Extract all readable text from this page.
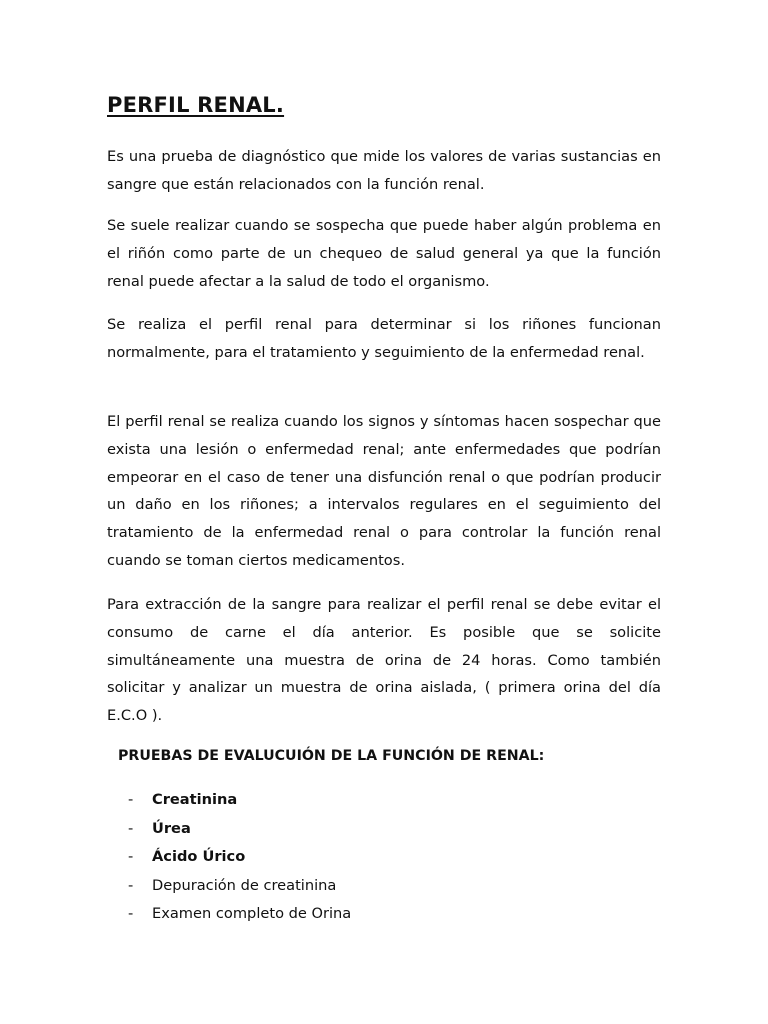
PERFIL RENAL.

Es una prueba de diagnóstico que mide los valores de varias sustancias en sangre que están relacionados con la función renal.

Se suele realizar cuando se sospecha que puede haber algún problema en el riñón como parte de un chequeo de salud general ya que la función renal puede afectar a la salud de todo el organismo.

Se realiza el perfil renal para determinar si los riñones funcionan normalmente, para el tratamiento y seguimiento de la enfermedad renal.

El perfil renal se realiza cuando los signos y síntomas hacen sospechar que exista una lesión o enfermedad renal; ante enfermedades que podrían empeorar en el caso de tener una disfunción renal o que podrían producir un daño en los riñones; a intervalos regulares en el seguimiento del tratamiento de la enfermedad renal o para controlar la función renal cuando se toman ciertos medicamentos.

Para extracción de la sangre para realizar el perfil renal se debe evitar el consumo de carne el día anterior. Es posible que se solicite simultáneamente una muestra de orina de 24 horas. Como también solicitar y analizar un muestra de orina aislada, ( primera orina del día E.C.O ).

PRUEBAS DE EVALUCUIÓN DE LA FUNCIÓN DE RENAL:
- Creatinina
- Úrea
- Ácido Úrico
- Depuración de creatinina
- Examen completo de Orina
